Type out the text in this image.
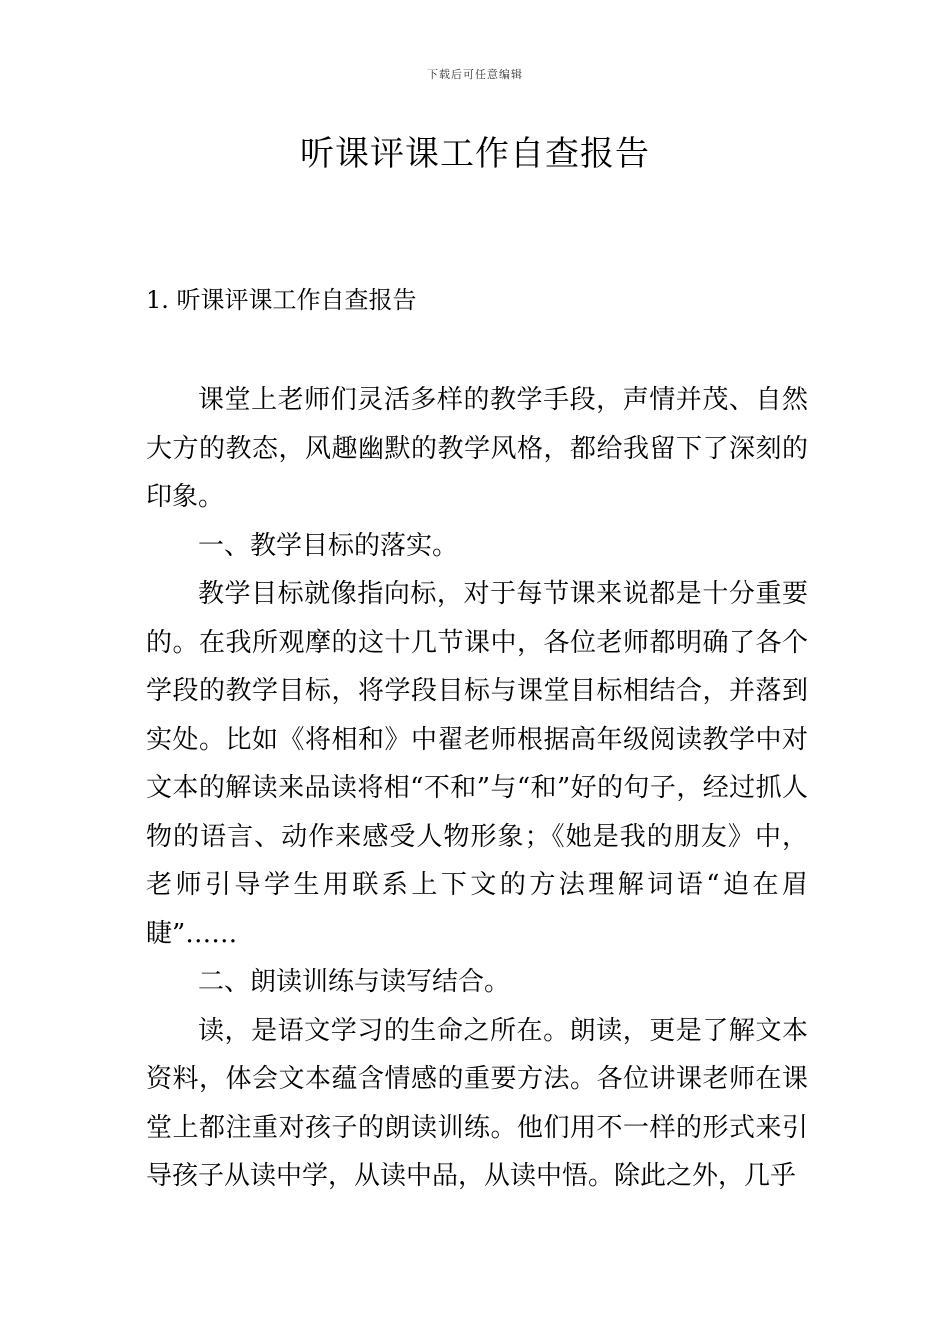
下载后可任意编辑
听课评课工作自查报告
1. 听课评课工作自查报告

课堂上老师们灵活多样的教学手段，声情并茂、自然大方的教态，风趣幽默的教学风格，都给我留下了深刻的印象。

一、教学目标的落实。

教学目标就像指向标，对于每节课来说都是十分重要的。在我所观摩的这十几节课中，各位老师都明确了各个学段的教学目标，将学段目标与课堂目标相结合，并落到实处。比如《将相和》中翟老师根据高年级阅读教学中对文本的解读来品读将相“不和”与“和”好的句子，经过抓人物的语言、动作来感受人物形象；《她是我的朋友》中，老师引导学生用联系上下文的方法理解词语“迫在眉睫”……

二、朗读训练与读写结合。

读，是语文学习的生命之所在。朗读，更是了解文本资料，体会文本蕴含情感的重要方法。各位讲课老师在课堂上都注重对孩子的朗读训练。他们用不一样的形式来引导孩子从读中学，从读中品，从读中悟。除此之外，几乎
